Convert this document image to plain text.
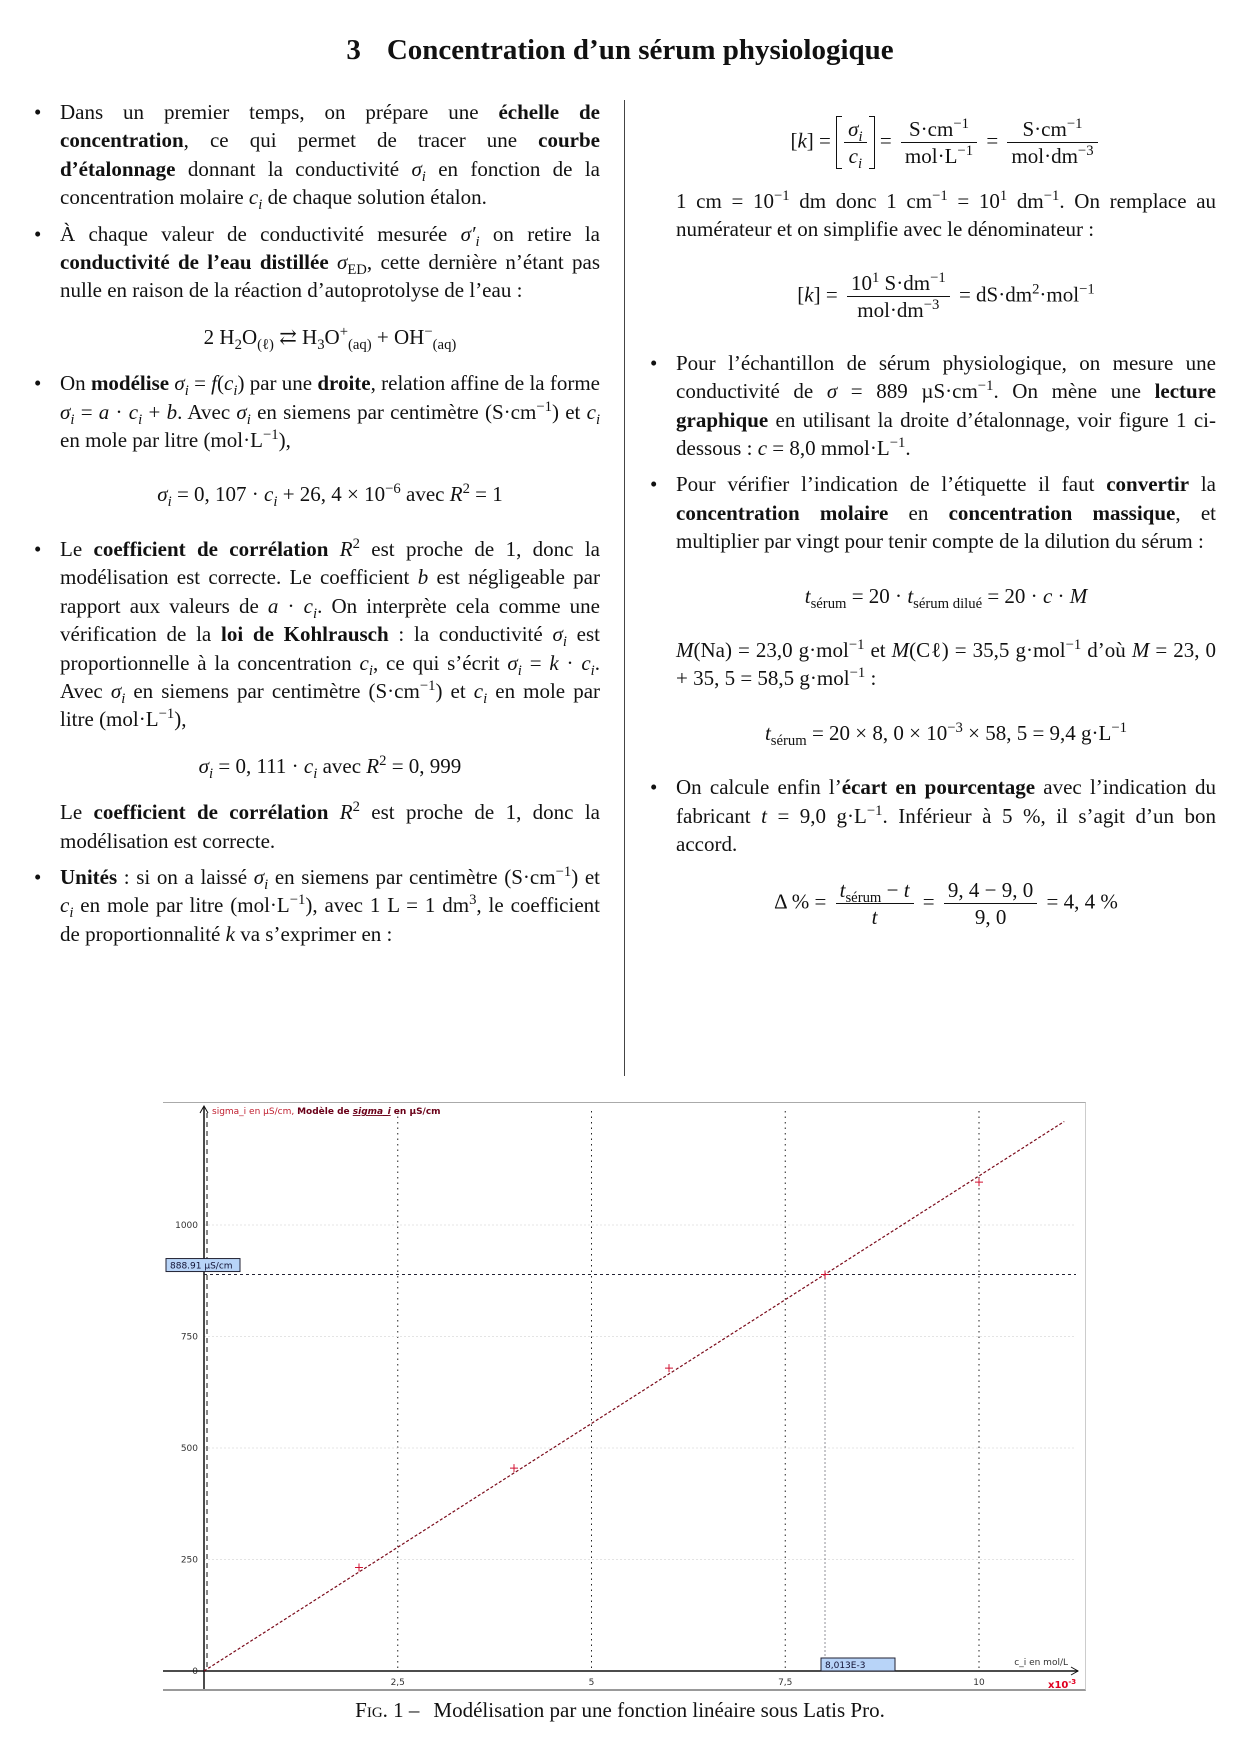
3 Concentration d’un sérum physiologique
• Dans un premier temps, on prépare une échelle de concentration, ce qui permet de tracer une courbe d’étalonnage donnant la conductivité $\sigma_i$ en fonction de la concentration molaire $c_i$ de chaque solution étalon.
• À chaque valeur de conductivité mesurée $\sigma'_i$ on retire la conductivité de l’eau distillée $\sigma_{ED}$, cette dernière n’étant pas nulle en raison de la réaction d’autoprotolyse de l’eau :
2 $H_2O_{(\ell)}$ ⇄ $H_3O^+_{(aq)} + OH^-_{(aq)}$
• On modélise $\sigma_i = f(c_i)$ par une droite, relation affine de la forme $\sigma_i = a \cdot c_i + b$. Avec $\sigma_i$ en siemens par centimètre $(S\cdot cm^{-1})$ et $c_i$ en mole par litre $(mol\cdot L^{-1})$,
$\sigma_i = 0$, $107 \cdot c_i + 26$, $4 \times 10^{-6}$ avec $R^2 = 1$
• Le coefficient de corrélation $R^2$ est proche de 1, donc la modélisation est correcte. Le coefficient b est négligeable par rapport aux valeurs de $a \cdot c_i$. On interprète cela comme une vérification de la loi de Kohlrausch : la conductivité $\sigma_i$ est proportionnelle à la concentration $c_i$, ce qui s’écrit $\sigma_i = k \cdot c_i$. Avec $\sigma_i$ en siemens par centimètre $(S\cdot cm^{-1})$ et $c_i$ en mole par litre $(mol\cdot L^{-1})$,
$\sigma_i = 0$, $111 \cdot c_i$ avec $R^2 = 0$, 999
Le coefficient de corrélation $R^2$ est proche de 1, donc la modélisation est correcte.
• Unités : si on a laissé $\sigma_i$ en siemens par centimètre $(S\cdot cm^{-1})$ et $c_i$ en mole par litre $(mol\cdot L^{-1})$, avec 1 L = 1 $dm^3$, le coefficient de proportionnalité k va s’exprimer en :
$[k] = \frac{\sigma_i}{c_i} = \frac{S\cdot cm^{-1}}{mol\cdot L^{-1}} = \frac{S\cdot cm^{-1}}{mol\cdot dm^{-3}}$
1 cm = $10^{-1}$ dm donc 1 $cm^{-1} = 10^1$ $dm^{-1}$. On remplace au numérateur et on simplifie avec le dénominateur :
$[k] = \frac{10^1 S\cdot dm^{-1}}{mol\cdot dm^{-3}} = dS\cdot dm^2\cdot mol^{-1}$
• Pour l’échantillon de sérum physiologique, on mesure une conductivité de σ = 889 $\mu S\cdot cm^{-1}$. On mène une lecture graphique en utilisant la droite d’étalonnage, voir figure 1 ci-dessous : c = 8,0 $mmol\cdot L^{-1}$.
• Pour vérifier l’indication de l’étiquette il faut convertir la concentration molaire en concentration massique, et multiplier par vingt pour tenir compte de la dilution du sérum :
$t_{sérum} = 20 \cdot t_{sérum dilué} = 20 \cdot c \cdot M$
M(Na) = 23,0 g·mol$^{-1}$ et M(Cℓ) = 35,5 g·mol$^{-1}$ d’où M = 23, 0 + 35, 5 = 58,5 g·mol$^{-1}$ :
$t_{sérum} = 20 \times 8$, $0 \times 10^{-3} \times 58$, 5 = 9,4 $g\cdot L^{-1}$
• On calcule enfin l’écart en pourcentage avec l’indication du fabricant t = 9,0 $g\cdot L^{-1}$. Inférieur à 5 %, il s’agit d’un bon accord.
Δ % = $\frac{t_{sérum} - t}{t} = \frac{9, 4 - 9, 0}{9, 0} = 4$, 4 %
2,5	5	7,5	10
0
250
500
750
1000
sigma_i en µS/cm, Modèle de sigma_i en µS/cm
888.91 µS/cm
8,013E-3	c_i en mol/L
$x10^{-3}$
Fig. 1 – Modélisation par une fonction linéaire sous Latis Pro.
